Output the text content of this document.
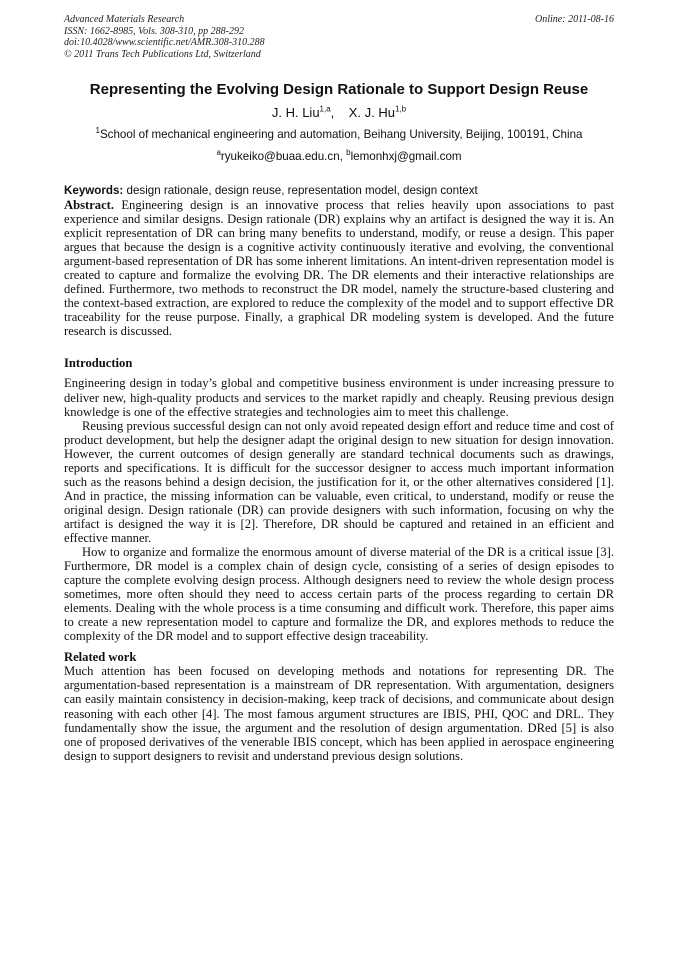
Advanced Materials Research
ISSN: 1662-8985, Vols. 308-310, pp 288-292
doi:10.4028/www.scientific.net/AMR.308-310.288
© 2011 Trans Tech Publications Ltd, Switzerland
Online: 2011-08-16
Representing the Evolving Design Rationale to Support Design Reuse
J. H. Liu$^{1,a}$, X. J. Hu$^{1,b}$
$^1$School of mechanical engineering and automation, Beihang University, Beijing, 100191, China
$^a$ryukeiko@buaa.edu.cn, $^b$lemonhxj@gmail.com
Keywords: design rationale, design reuse, representation model, design context

Abstract. Engineering design is an innovative process that relies heavily upon associations to past experience and similar designs. Design rationale (DR) explains why an artifact is designed the way it is. An explicit representation of DR can bring many benefits to understand, modify, or reuse a design. This paper argues that because the design is a cognitive activity continuously iterative and evolving, the conventional argument-based representation of DR has some inherent limitations. An intent-driven representation model is created to capture and formalize the evolving DR. The DR elements and their interactive relationships are defined. Furthermore, two methods to reconstruct the DR model, namely the structure-based clustering and the context-based extraction, are explored to reduce the complexity of the model and to support effective DR traceability for the reuse purpose. Finally, a graphical DR modeling system is developed. And the future research is discussed.

Introduction

Engineering design in today’s global and competitive business environment is under increasing pressure to deliver new, high-quality products and services to the market rapidly and cheaply. Reusing previous design knowledge is one of the effective strategies and technologies aim to meet this challenge.

Reusing previous successful design can not only avoid repeated design effort and reduce time and cost of product development, but help the designer adapt the original design to new situation for design innovation. However, the current outcomes of design generally are standard technical documents such as drawings, reports and specifications. It is difficult for the successor designer to access much important information such as the reasons behind a design decision, the justification for it, or the other alternatives considered [1]. And in practice, the missing information can be valuable, even critical, to understand, modify or reuse the original design. Design rationale (DR) can provide designers with such information, focusing on why the artifact is designed the way it is [2]. Therefore, DR should be captured and retained in an efficient and effective manner.

How to organize and formalize the enormous amount of diverse material of the DR is a critical issue [3]. Furthermore, DR model is a complex chain of design cycle, consisting of a series of design episodes to capture the complete evolving design process. Although designers need to review the whole design process sometimes, more often should they need to access certain parts of the process regarding to certain DR elements. Dealing with the whole process is a time consuming and difficult work. Therefore, this paper aims to create a new representation model to capture and formalize the DR, and explores methods to reduce the complexity of the DR model and to support effective design traceability.

Related work

Much attention has been focused on developing methods and notations for representing DR. The argumentation-based representation is a mainstream of DR representation. With argumentation, designers can easily maintain consistency in decision-making, keep track of decisions, and communicate about design reasoning with each other [4]. The most famous argument structures are IBIS, PHI, QOC and DRL. They fundamentally show the issue, the argument and the resolution of design argumentation. DRed [5] is also one of proposed derivatives of the venerable IBIS concept, which has been applied in aerospace engineering design to support designers to revisit and understand previous design solutions.
